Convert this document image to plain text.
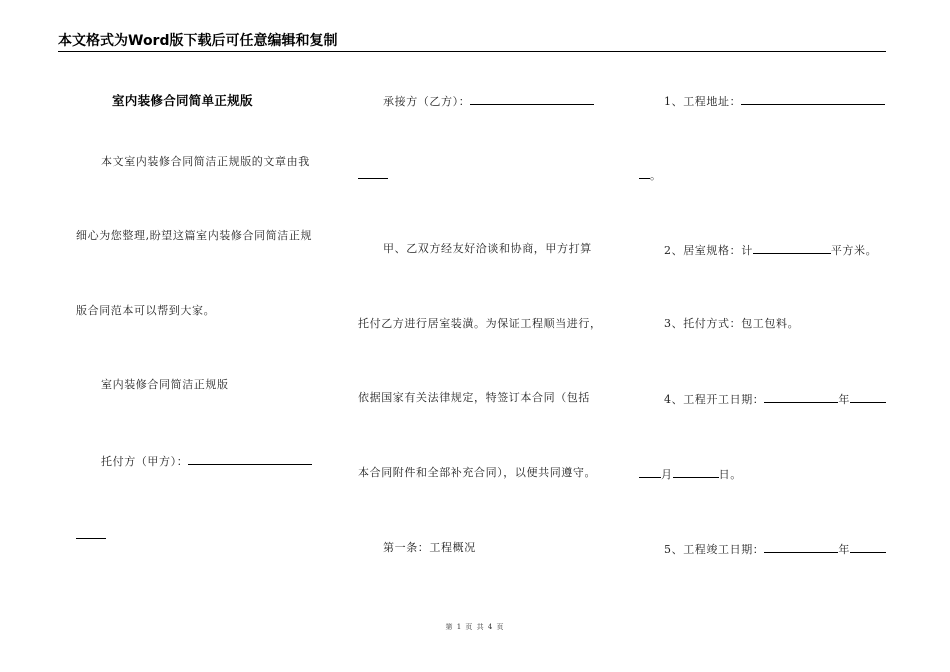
本文格式为Word版下载后可任意编辑和复制
室内装修合同简单正规版
本文室内装修合同简洁正规版的文章由我
细心为您整理,盼望这篇室内装修合同简洁正规
版合同范本可以帮到大家。
室内装修合同简洁正规版
托付方（甲方）：
承接方（乙方）：
甲、乙双方经友好洽谈和协商，甲方打算
托付乙方进行居室装潢。为保证工程顺当进行，
依据国家有关法律规定，特签订本合同（包括
本合同附件和全部补充合同），以便共同遵守。
第一条：工程概况
1、工程地址：
。
2、居室规格：计	平方米。
3、托付方式：包工包料。
4、工程开工日期：	年
月	日。
5、工程竣工日期：	年
第 1 页 共 4 页
